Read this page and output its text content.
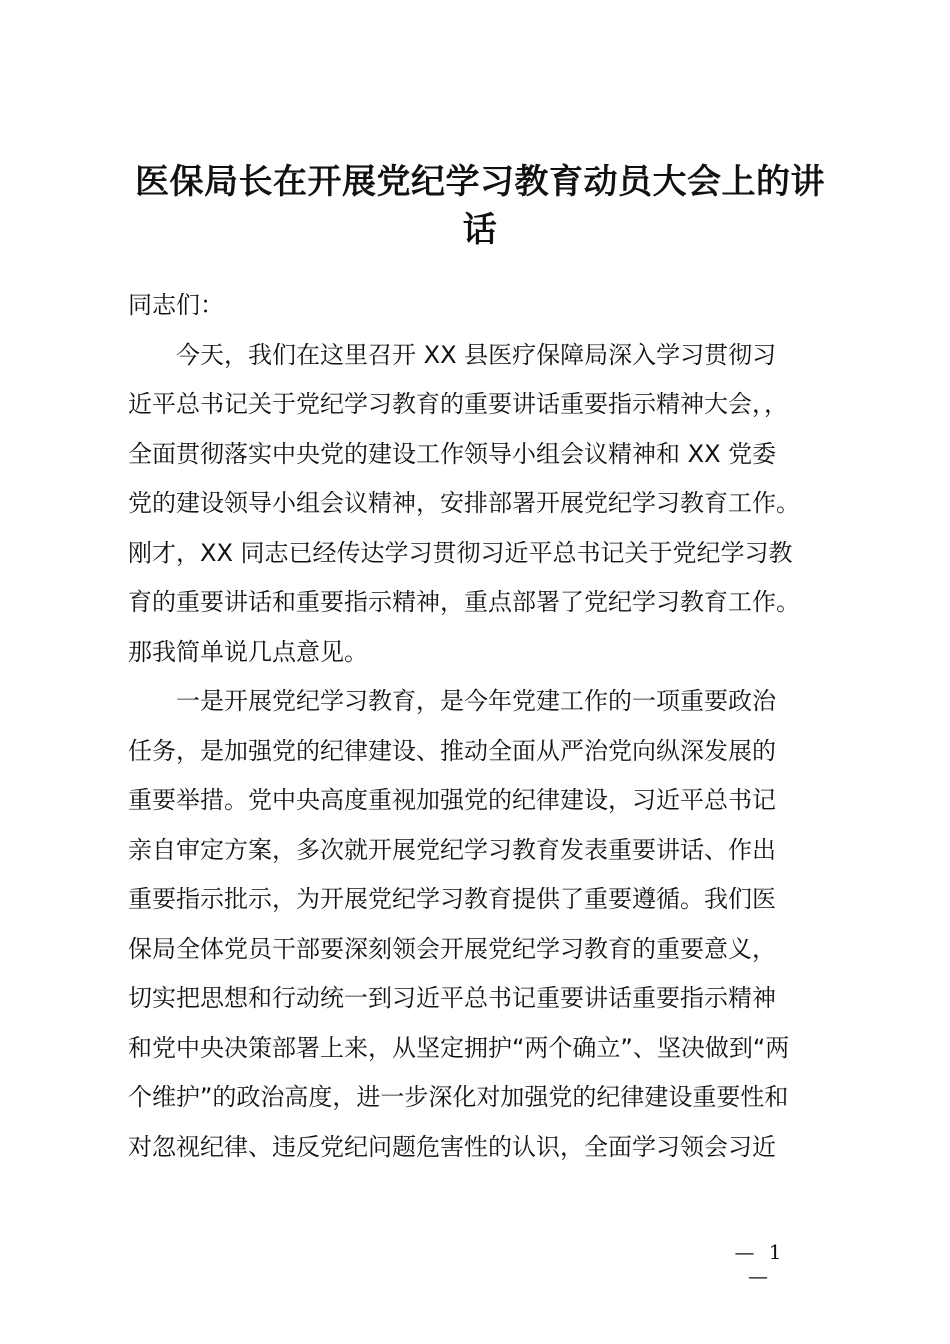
医保局长在开展党纪学习教育动员大会上的讲
话
同志们：
　　今天，我们在这里召开 XX 县医疗保障局深入学习贯彻习
近平总书记关于党纪学习教育的重要讲话重要指示精神大会，，
全面贯彻落实中央党的建设工作领导小组会议精神和 XX 党委
党的建设领导小组会议精神，安排部署开展党纪学习教育工作。
刚才，XX 同志已经传达学习贯彻习近平总书记关于党纪学习教
育的重要讲话和重要指示精神，重点部署了党纪学习教育工作。
那我简单说几点意见。
　　一是开展党纪学习教育，是今年党建工作的一项重要政治
任务，是加强党的纪律建设、推动全面从严治党向纵深发展的
重要举措。党中央高度重视加强党的纪律建设，习近平总书记
亲自审定方案，多次就开展党纪学习教育发表重要讲话、作出
重要指示批示，为开展党纪学习教育提供了重要遵循。我们医
保局全体党员干部要深刻领会开展党纪学习教育的重要意义，
切实把思想和行动统一到习近平总书记重要讲话重要指示精神
和党中央决策部署上来，从坚定拥护“两个确立”、坚决做到“两
个维护”的政治高度，进一步深化对加强党的纪律建设重要性和
对忽视纪律、违反党纪问题危害性的认识，全面学习领会习近
— 1 —
